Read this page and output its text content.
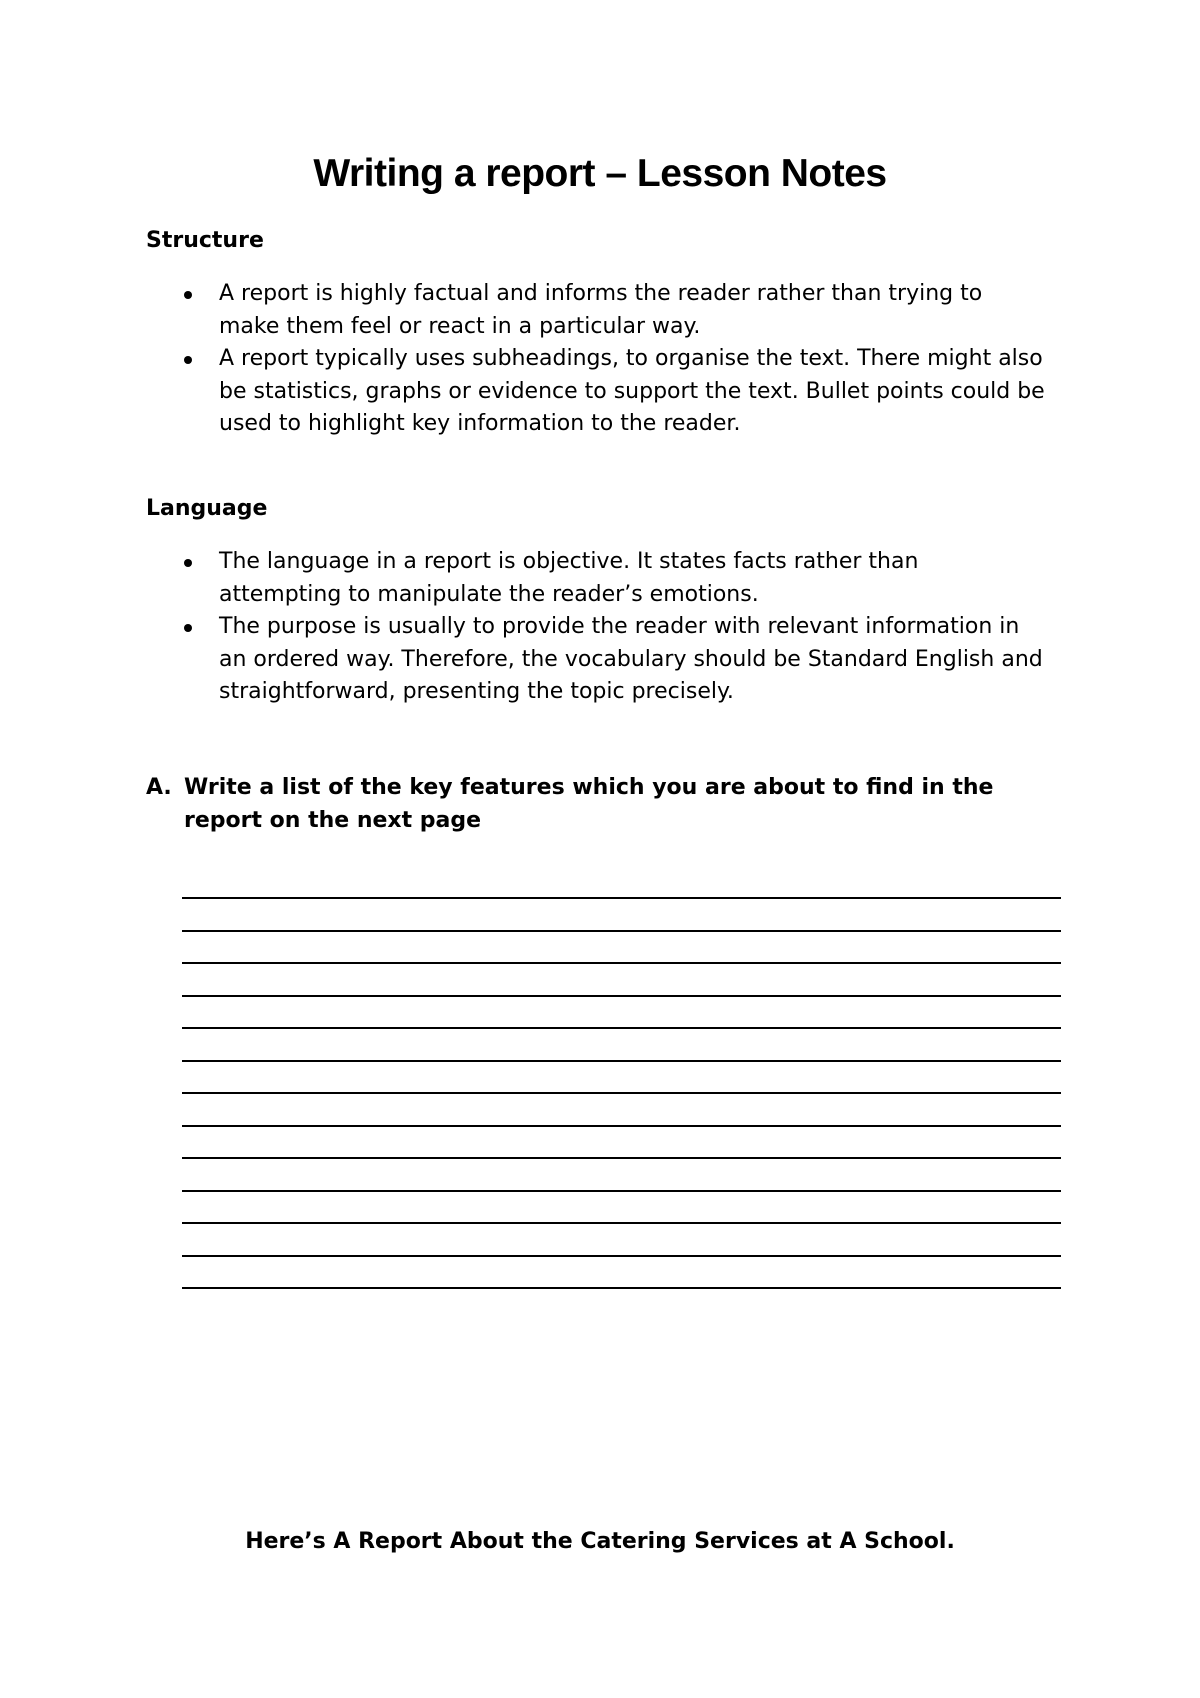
Writing a report – Lesson Notes
Structure
A report is highly factual and informs the reader rather than trying to make them feel or react in a particular way.
A report typically uses subheadings, to organise the text. There might also be statistics, graphs or evidence to support the text. Bullet points could be used to highlight key information to the reader.
Language
The language in a report is objective. It states facts rather than attempting to manipulate the reader’s emotions.
The purpose is usually to provide the reader with relevant information in an ordered way. Therefore, the vocabulary should be Standard English and straightforward, presenting the topic precisely.
A. Write a list of the key features which you are about to find in the report on the next page

Here’s A Report About the Catering Services at A School.
